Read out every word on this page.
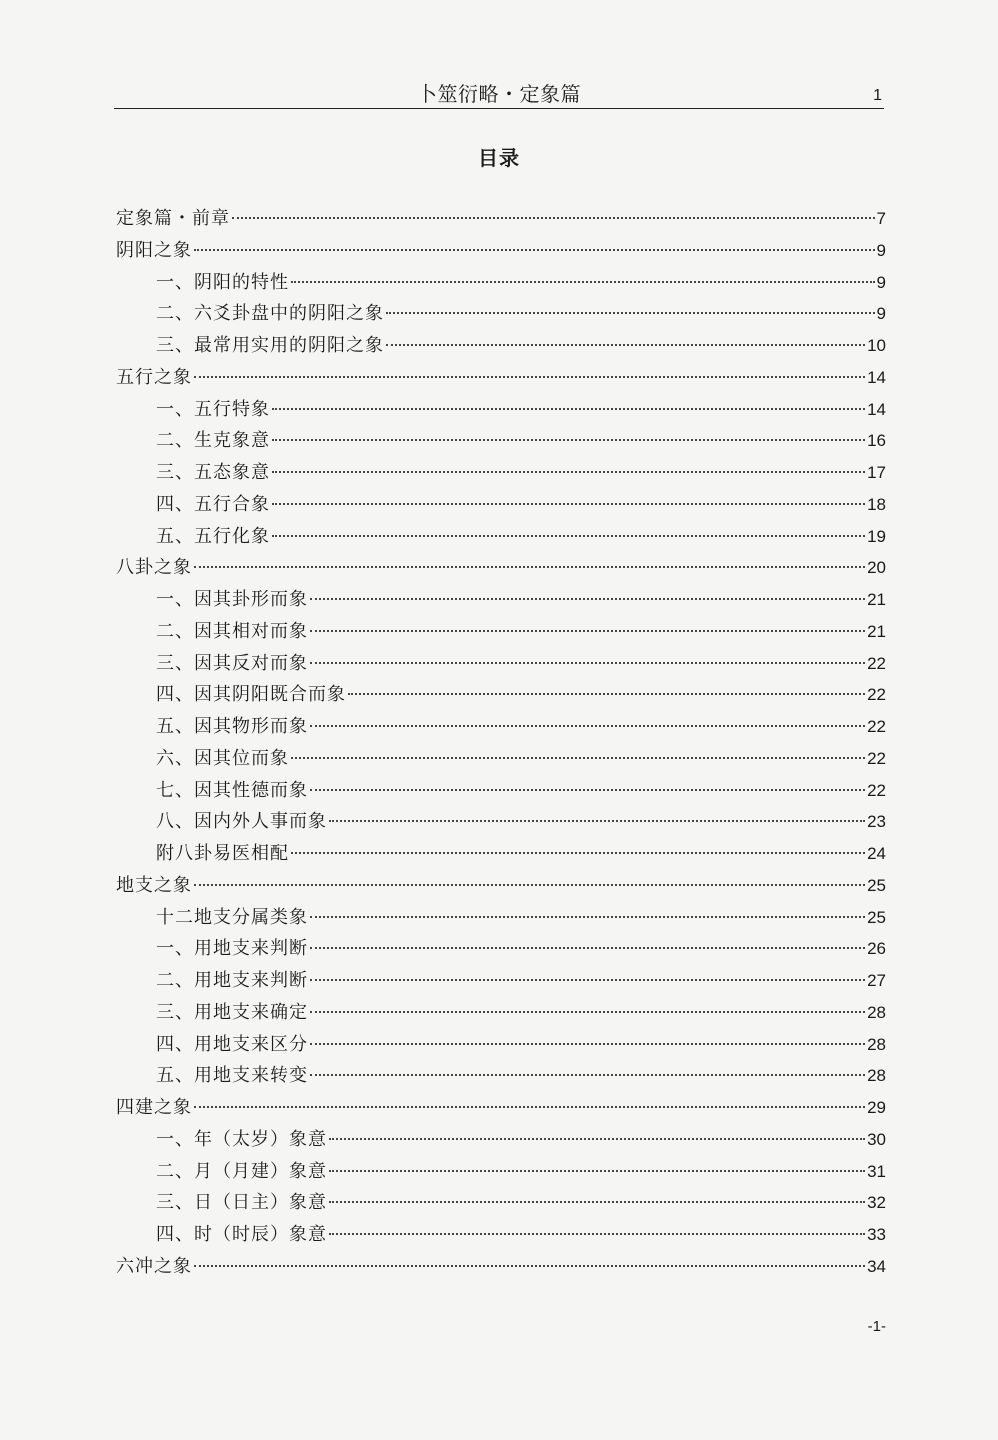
卜筮衍略・定象篇	1
目录
定象篇・前章	7
阴阳之象	9
一、阴阳的特性	9
二、六爻卦盘中的阴阳之象	9
三、最常用实用的阴阳之象	10
五行之象	14
一、五行特象	14
二、生克象意	16
三、五态象意	17
四、五行合象	18
五、五行化象	19
八卦之象	20
一、因其卦形而象	21
二、因其相对而象	21
三、因其反对而象	22
四、因其阴阳既合而象	22
五、因其物形而象	22
六、因其位而象	22
七、因其性德而象	22
八、因内外人事而象	23
附八卦易医相配	24
地支之象	25
十二地支分属类象	25
一、用地支来判断	26
二、用地支来判断	27
三、用地支来确定	28
四、用地支来区分	28
五、用地支来转变	28
四建之象	29
一、年（太岁）象意	30
二、月（月建）象意	31
三、日（日主）象意	32
四、时（时辰）象意	33
六冲之象	34
-1-
